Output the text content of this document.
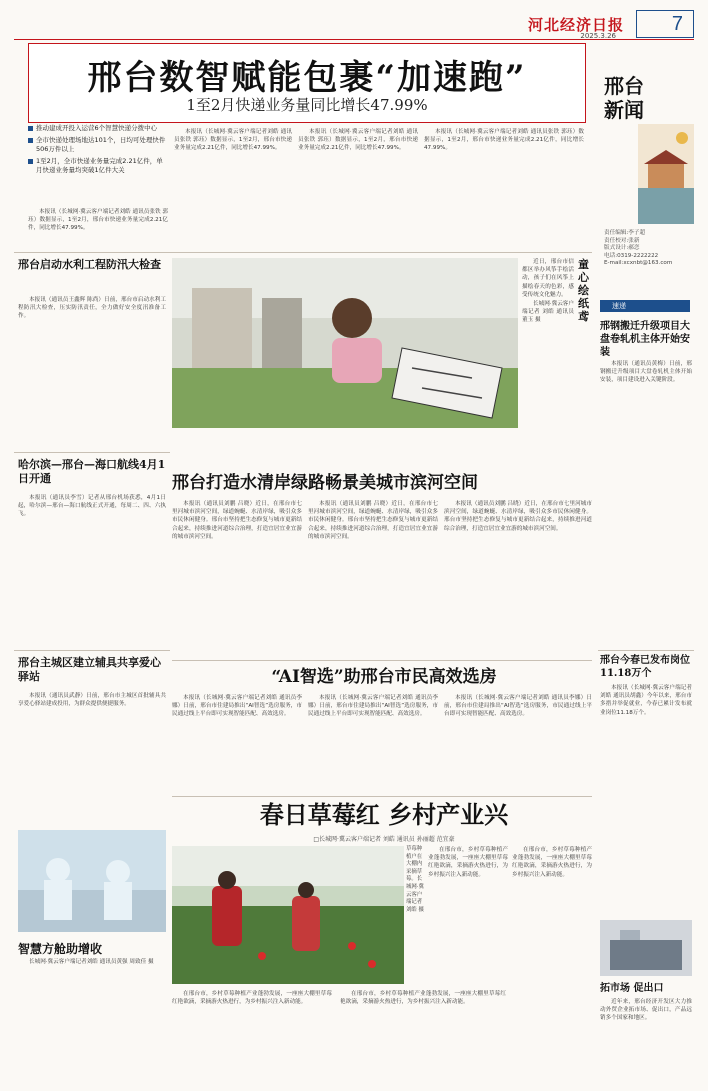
河北经济日报
2025.3.26
7
邢台数智赋能包裹“加速跑”
1至2月快递业务量同比增长47.99%
推动建成开投入运营6个智慧快递分拨中心
全市快递处理场地达101个，日均可处理快件506万件以上
1至2月，全市快递业务量完成2.21亿件，单月快递业务量均突破1亿件大关

本报讯（长城网·冀云客户端记者刘皓 通讯员张铁 郭珏）数据显示，1至2月，邢台市快递业务量完成2.21亿件，同比增长47.99%。

本报讯（长城网·冀云客户端记者刘皓 通讯员张铁 郭珏）数据显示，1至2月，邢台市快递业务量完成2.21亿件，同比增长47.99%。

本报讯（长城网·冀云客户端记者刘皓 通讯员张铁 郭珏）数据显示，1至2月，邢台市快递业务量完成2.21亿件，同比增长47.99%。

本报讯（长城网·冀云客户端记者刘皓 通讯员张铁 郭珏）数据显示，1至2月，邢台市快递业务量完成2.21亿件，同比增长47.99%。

邢台新闻
责任编辑:李子超
责任校对:张新
版式设计:郝恋
电话:0319-2222222
E-mail:xcxnbt@163.com
邢台启动水利工程防汛大检查

本报讯（通讯员王鑫辉 陈尚）日前，邢台市启动水利工程防汛大检查，压实防汛责任，全力做好安全度汛准备工作。

哈尔滨—邢台—海口航线4月1日开通

本报讯（通讯员李雪）记者从邢台机场获悉，4月1日起，哈尔滨—邢台—海口航线正式开通，每周二、四、六执飞。

邢台主城区建立辅具共享爱心驿站

本报讯（通讯员武静）日前，邢台市主城区首批辅具共享爱心驿站建成投用，为群众提供便捷服务。

童心绘纸鸢

近日，邢台市信都区举办风筝手绘活动，孩子们在风筝上描绘春天的色彩，感受传统文化魅力。

长城网·冀云客户端记者 刘皓 通讯员 董玉 摄

邢台打造水清岸绿路畅景美城市滨河空间

本报讯（通讯员刘鹏 吕晓）近日，在邢台市七里河城市滨河空间，绿道蜿蜒、水清岸绿，吸引众多市民休闲健身。邢台市坚持把生态修复与城市更新结合起来，持续推进河道综合治理，打造宜居宜业宜游的城市滨河空间。

本报讯（通讯员刘鹏 吕晓）近日，在邢台市七里河城市滨河空间，绿道蜿蜒、水清岸绿，吸引众多市民休闲健身。邢台市坚持把生态修复与城市更新结合起来，持续推进河道综合治理，打造宜居宜业宜游的城市滨河空间。

本报讯（通讯员刘鹏 吕晓）近日，在邢台市七里河城市滨河空间，绿道蜿蜒、水清岸绿，吸引众多市民休闲健身。邢台市坚持把生态修复与城市更新结合起来，持续推进河道综合治理，打造宜居宜业宜游的城市滨河空间。

“AI智选”助邢台市民高效选房

本报讯（长城网·冀云客户端记者刘皓 通讯员李娜）日前，邢台市住建局推出“AI智选”选房服务，市民通过线上平台即可实现智能匹配、高效选房。

本报讯（长城网·冀云客户端记者刘皓 通讯员李娜）日前，邢台市住建局推出“AI智选”选房服务，市民通过线上平台即可实现智能匹配、高效选房。

本报讯（长城网·冀云客户端记者刘皓 通讯员李娜）日前，邢台市住建局推出“AI智选”选房服务，市民通过线上平台即可实现智能匹配、高效选房。

春日草莓红 乡村产业兴
□长城网·冀云客户端记者 刘皓 通讯员 孙丽超 范宜豪
草莓种植户在大棚内采摘草莓。长城网·冀云客户端记者 刘皓 摄

在邢台市，乡村草莓种植产业蓬勃发展，一座座大棚里草莓红艳欲滴，采摘游火热进行，为乡村振兴注入新动能。

在邢台市，乡村草莓种植产业蓬勃发展，一座座大棚里草莓红艳欲滴，采摘游火热进行，为乡村振兴注入新动能。

在邢台市，乡村草莓种植产业蓬勃发展，一座座大棚里草莓红艳欲滴，采摘游火热进行，为乡村振兴注入新动能。

在邢台市，乡村草莓种植产业蓬勃发展，一座座大棚里草莓红艳欲滴，采摘游火热进行，为乡村振兴注入新动能。

智慧方舱助增收

长城网·冀云客户端记者刘皓 通讯员黄强 周致佳 摄

速递
邢钢搬迁升级项目大盘卷轧机主体开始安装

本报讯（通讯员黄梅）日前，邢钢搬迁升级项目大盘卷轧机主体开始安装，项目建设进入关键阶段。

邢台今春已发布岗位11.18万个

本报讯（长城网·冀云客户端记者刘皓 通讯员胡鑫）今年以来，邢台市多措并举促就业，今春已累计发布就业岗位11.18万个。

拓市场 促出口

近年来，邢台经济开发区大力推动外贸企业拓市场、促出口，产品远销多个国家和地区。
